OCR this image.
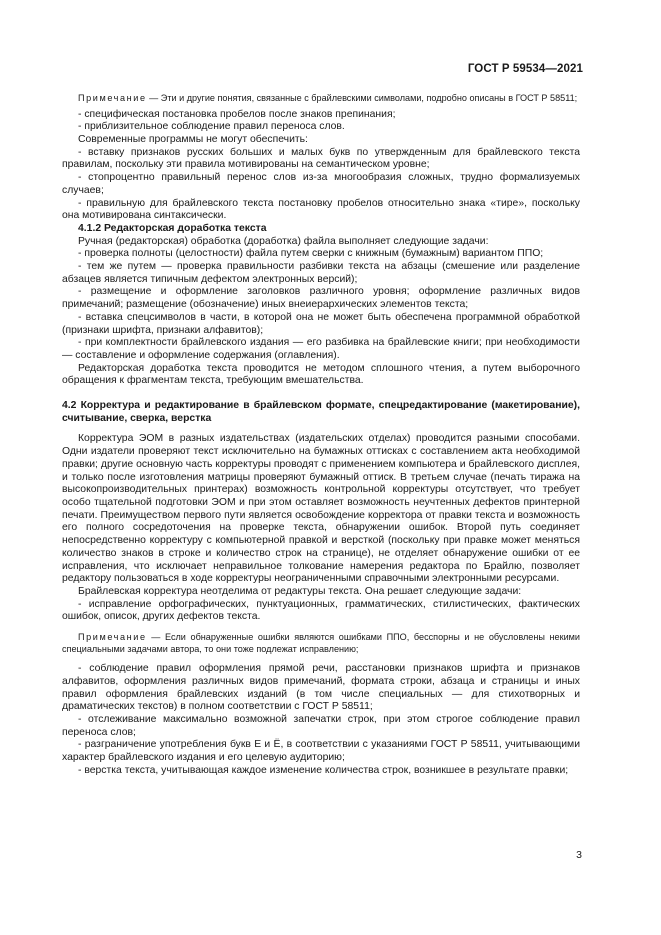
ГОСТ Р 59534—2021

Примечание — Эти и другие понятия, связанные с брайлевскими символами, подробно описаны в ГОСТ Р 58511;

- специфическая постановка пробелов после знаков препинания;

- приблизительное соблюдение правил переноса слов.

Современные программы не могут обеспечить:

- вставку признаков русских больших и малых букв по утвержденным для брайлевского текста правилам, поскольку эти правила мотивированы на семантическом уровне;

- стопроцентно правильный перенос слов из-за многообразия сложных, трудно формализуемых случаев;

- правильную для брайлевского текста постановку пробелов относительно знака «тире», поскольку она мотивирована синтаксически.

4.1.2 Редакторская доработка текста

Ручная (редакторская) обработка (доработка) файла выполняет следующие задачи:

- проверка полноты (целостности) файла путем сверки с книжным (бумажным) вариантом ППО;

- тем же путем — проверка правильности разбивки текста на абзацы (смешение или разделение абзацев является типичным дефектом электронных версий);

- размещение и оформление заголовков различного уровня; оформление различных видов примечаний; размещение (обозначение) иных внеиерархических элементов текста;

- вставка спецсимволов в части, в которой она не может быть обеспечена программной обработкой (признаки шрифта, признаки алфавитов);

- при комплектности брайлевского издания — его разбивка на брайлевские книги; при необходимости — составление и оформление содержания (оглавления).

Редакторская доработка текста проводится не методом сплошного чтения, а путем выборочного обращения к фрагментам текста, требующим вмешательства.

4.2 Корректура и редактирование в брайлевском формате, спецредактирование (макетирование), считывание, сверка, верстка

Корректура ЭОМ в разных издательствах (издательских отделах) проводится разными способами. Одни издатели проверяют текст исключительно на бумажных оттисках с составлением акта необходимой правки; другие основную часть корректуры проводят с применением компьютера и брайлевского дисплея, и только после изготовления матрицы проверяют бумажный оттиск. В третьем случае (печать тиража на высокопроизводительных принтерах) возможность контрольной корректуры отсутствует, что требует особо тщательной подготовки ЭОМ и при этом оставляет возможность неучтенных дефектов принтерной печати. Преимуществом первого пути является освобождение корректора от правки текста и возможность его полного сосредоточения на проверке текста, обнаружении ошибок. Второй путь соединяет непосредственно корректуру с компьютерной правкой и версткой (поскольку при правке может меняться количество знаков в строке и количество строк на странице), не отделяет обнаружение ошибки от ее исправления, что исключает неправильное толкование намерения редактора по Брайлю, позволяет редактору пользоваться в ходе корректуры неограниченными справочными электронными ресурсами.

Брайлевская корректура неотделима от редактуры текста. Она решает следующие задачи:

- исправление орфографических, пунктуационных, грамматических, стилистических, фактических ошибок, описок, других дефектов текста.

Примечание — Если обнаруженные ошибки являются ошибками ППО, бесспорны и не обусловлены некими специальными задачами автора, то они тоже подлежат исправлению;

- соблюдение правил оформления прямой речи, расстановки признаков шрифта и признаков алфавитов, оформления различных видов примечаний, формата строки, абзаца и страницы и иных правил оформления брайлевских изданий (в том числе специальных — для стихотворных и драматических текстов) в полном соответствии с ГОСТ Р 58511;

- отслеживание максимально возможной запечатки строк, при этом строгое соблюдение правил переноса слов;

- разграничение употребления букв Е и Ё, в соответствии с указаниями ГОСТ Р 58511, учитывающими характер брайлевского издания и его целевую аудиторию;

- верстка текста, учитывающая каждое изменение количества строк, возникшее в результате правки;

3
